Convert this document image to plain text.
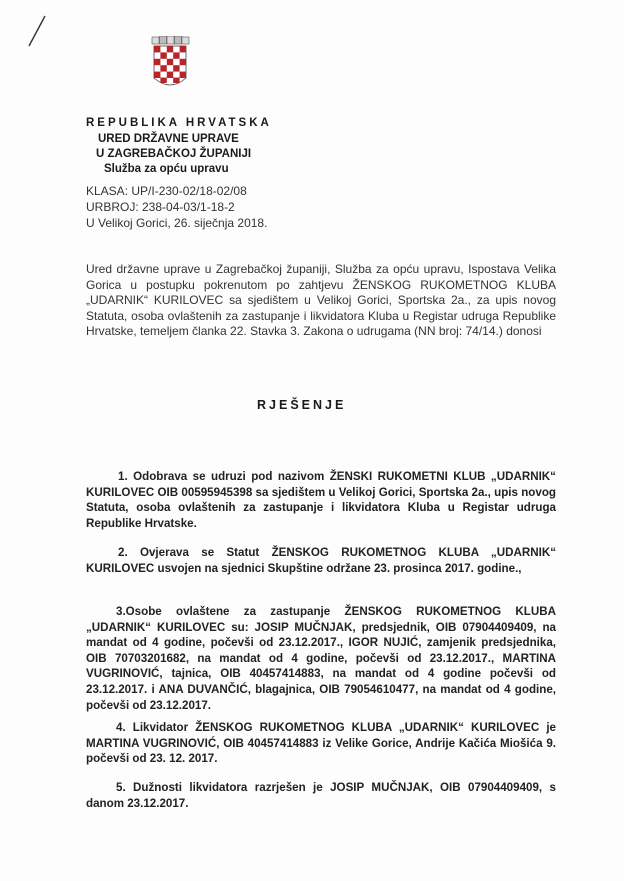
REPUBLIKA HRVATSKA
URED DRŽAVNE UPRAVE
U ZAGREBAČKOJ ŽUPANIJI
Služba za opću upravu
KLASA: UP/I-230-02/18-02/08
URBROJ: 238-04-03/1-18-2
U Velikoj Gorici, 26. siječnja 2018.
Ured državne uprave u Zagrebačkoj županiji, Služba za opću upravu, Ispostava Velika Gorica u postupku pokrenutom po zahtjevu ŽENSKOG RUKOMETNOG KLUBA „UDARNIK“ KURILOVEC sa sjedištem u Velikoj Gorici, Sportska 2a., za upis novog Statuta, osoba ovlaštenih za zastupanje i likvidatora Kluba u Registar udruga Republike Hrvatske, temeljem članka 22. Stavka 3. Zakona o udrugama (NN broj: 74/14.) donosi
RJEŠENJE
1. Odobrava se udruzi pod nazivom ŽENSKI RUKOMETNI KLUB „UDARNIK“ KURILOVEC OIB 00595945398 sa sjedištem u Velikoj Gorici, Sportska 2a., upis novog Statuta, osoba ovlaštenih za zastupanje i likvidatora Kluba u Registar udruga Republike Hrvatske.
2. Ovjerava se Statut ŽENSKOG RUKOMETNOG KLUBA „UDARNIK“ KURILOVEC usvojen na sjednici Skupštine održane 23. prosinca 2017. godine.,
3.Osobe ovlaštene za zastupanje ŽENSKOG RUKOMETNOG KLUBA „UDARNIK“ KURILOVEC su: JOSIP MUČNJAK, predsjednik, OIB 07904409409, na mandat od 4 godine, počevši od 23.12.2017., IGOR NUJIĆ, zamjenik predsjednika, OIB 70703201682, na mandat od 4 godine, počevši od 23.12.2017., MARTINA VUGRINOVIĆ, tajnica, OIB 40457414883, na mandat od 4 godine počevši od 23.12.2017. i ANA DUVANČIĆ, blagajnica, OIB 79054610477, na mandat od 4 godine, počevši od 23.12.2017.
4. Likvidator ŽENSKOG RUKOMETNOG KLUBA „UDARNIK“ KURILOVEC je MARTINA VUGRINOVIĆ, OIB 40457414883 iz Velike Gorice, Andrije Kačića Miošića 9. počevši od 23. 12. 2017.
5. Dužnosti likvidatora razrješen je JOSIP MUČNJAK, OIB 07904409409, s danom 23.12.2017.
